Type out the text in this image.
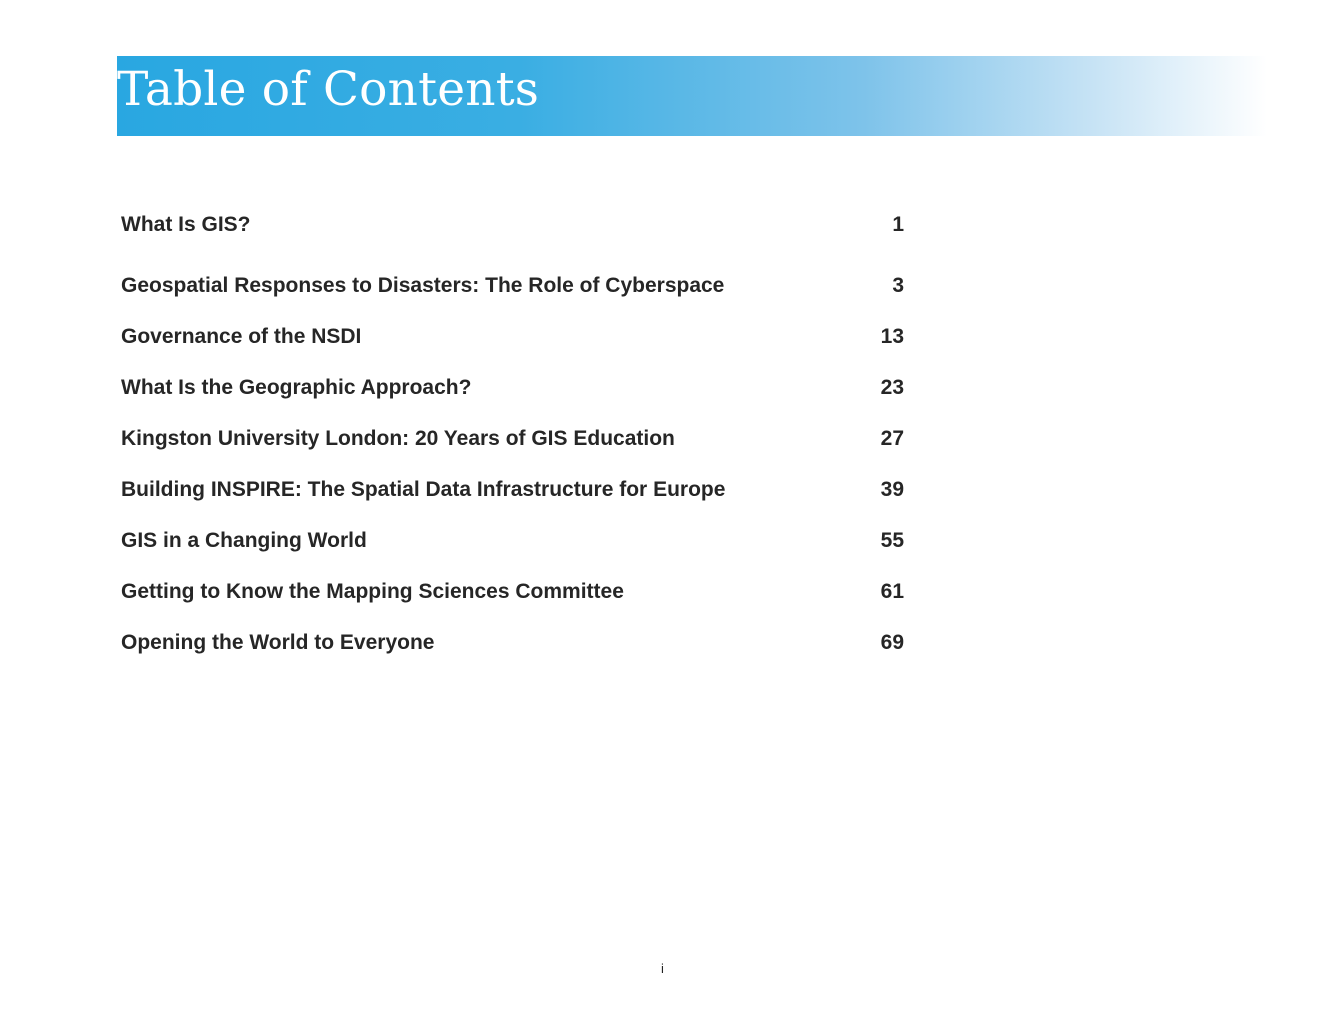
Table of Contents
What Is GIS?	1
Geospatial Responses to Disasters: The Role of Cyberspace	3
Governance of the NSDI	13
What Is the Geographic Approach?	23
Kingston University London: 20 Years of GIS Education	27
Building INSPIRE: The Spatial Data Infrastructure for Europe	39
GIS in a Changing World	55
Getting to Know the Mapping Sciences Committee	61
Opening the World to Everyone	69
i
